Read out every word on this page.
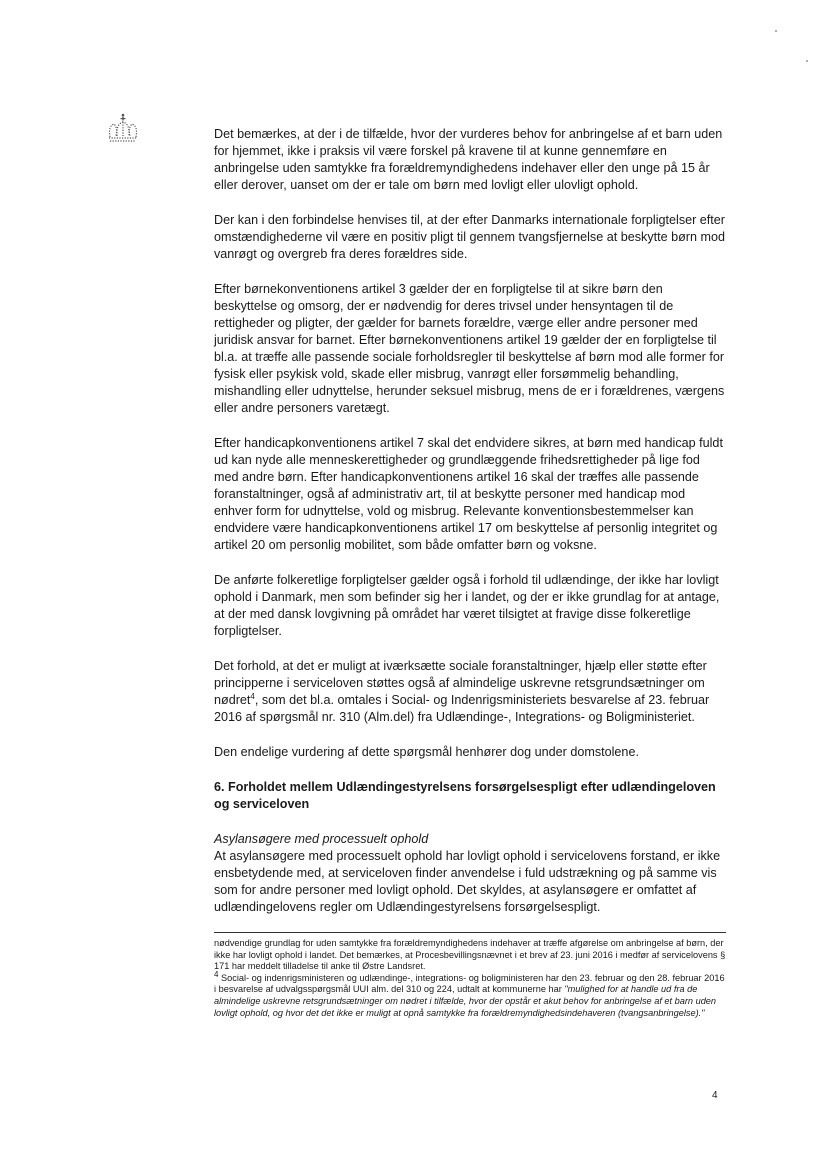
Det bemærkes, at der i de tilfælde, hvor der vurderes behov for anbringelse af et barn uden for hjemmet, ikke i praksis vil være forskel på kravene til at kunne gennemføre en anbringelse uden samtykke fra forældremyndighedens indehaver eller den unge på 15 år eller derover, uanset om der er tale om børn med lovligt eller ulovligt ophold.

Der kan i den forbindelse henvises til, at der efter Danmarks internationale forpligtelser efter omstændighederne vil være en positiv pligt til gennem tvangsfjernelse at beskytte børn mod vanrøgt og overgreb fra deres forældres side.

Efter børnekonventionens artikel 3 gælder der en forpligtelse til at sikre børn den beskyttelse og omsorg, der er nødvendig for deres trivsel under hensyntagen til de rettigheder og pligter, der gælder for barnets forældre, værge eller andre personer med juridisk ansvar for barnet. Efter børnekonventionens artikel 19 gælder der en forpligtelse til bl.a. at træffe alle passende sociale forholdsregler til beskyttelse af børn mod alle former for fysisk eller psykisk vold, skade eller misbrug, vanrøgt eller forsømmelig behandling, mishandling eller udnyttelse, herunder seksuel misbrug, mens de er i forældrenes, værgens eller andre personers varetægt.

Efter handicapkonventionens artikel 7 skal det endvidere sikres, at børn med handicap fuldt ud kan nyde alle menneskerettigheder og grundlæggende frihedsrettigheder på lige fod med andre børn. Efter handicapkonventionens artikel 16 skal der træffes alle passende foranstaltninger, også af administrativ art, til at beskytte personer med handicap mod enhver form for udnyttelse, vold og misbrug. Relevante konventionsbestemmelser kan endvidere være handicapkonventionens artikel 17 om beskyttelse af personlig integritet og artikel 20 om personlig mobilitet, som både omfatter børn og voksne.

De anførte folkeretlige forpligtelser gælder også i forhold til udlændinge, der ikke har lovligt ophold i Danmark, men som befinder sig her i landet, og der er ikke grundlag for at antage, at der med dansk lovgivning på området har været tilsigtet at fravige disse folkeretlige forpligtelser.

Det forhold, at det er muligt at iværksætte sociale foranstaltninger, hjælp eller støtte efter principperne i serviceloven støttes også af almindelige uskrevne retsgrundsætninger om nødret$^4$, som det bl.a. omtales i Social- og Indenrigsministeriets besvarelse af 23. februar 2016 af spørgsmål nr. 310 (Alm.del) fra Udlændinge-, Integrations- og Boligministeriet.

Den endelige vurdering af dette spørgsmål henhører dog under domstolene.

6. Forholdet mellem Udlændingestyrelsens forsørgelsespligt efter udlændingeloven og serviceloven

Asylansøgere med processuelt ophold
At asylansøgere med processuelt ophold har lovligt ophold i servicelovens forstand, er ikke ensbetydende med, at serviceloven finder anvendelse i fuld udstrækning og på samme vis som for andre personer med lovligt ophold. Det skyldes, at asylansøgere er omfattet af udlændingelovens regler om Udlændingestyrelsens forsørgelsespligt.

nødvendige grundlag for uden samtykke fra forældremyndighedens indehaver at træffe afgørelse om anbringelse af børn, der ikke har lovligt ophold i landet. Det bemærkes, at Procesbevillingsnævnet i et brev af 23. juni 2016 i medfør af servicelovens § 171 har meddelt tilladelse til anke til Østre Landsret.

$^4$ Social- og indenrigsministeren og udlændinge-, integrations- og boligministeren har den 23. februar og den 28. februar 2016 i besvarelse af udvalgsspørgsmål UUI alm. del 310 og 224, udtalt at kommunerne har "mulighed for at handle ud fra de almindelige uskrevne retsgrundsætninger om nødret i tilfælde, hvor der opstår et akut behov for anbringelse af et barn uden lovligt ophold, og hvor det det ikke er muligt at opnå samtykke fra forældremyndighedsindehaveren (tvangsanbringelse)."

4
